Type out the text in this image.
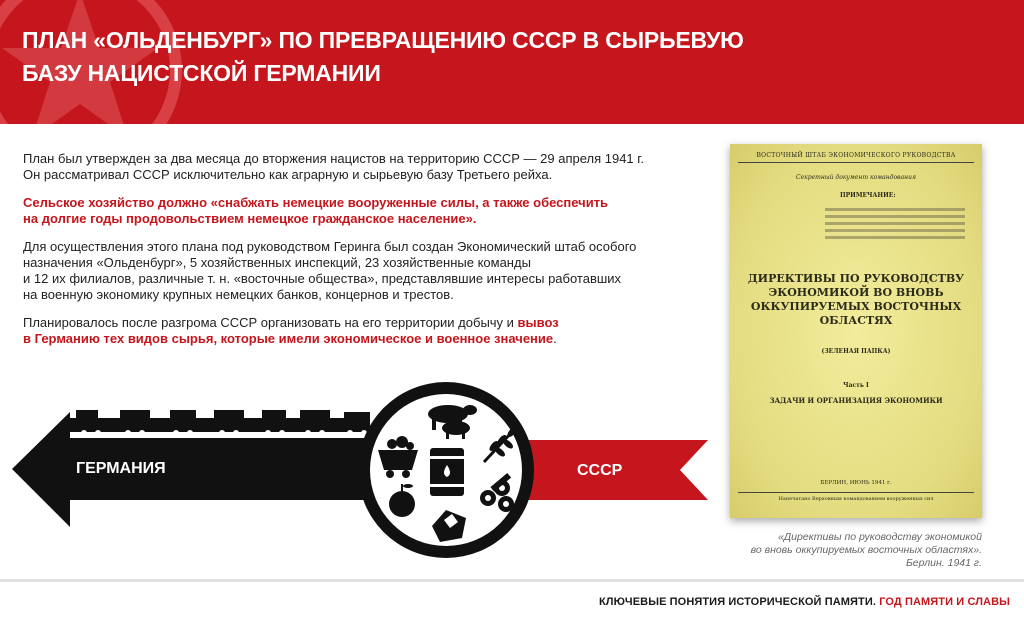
ПЛАН «ОЛЬДЕНБУРГ» ПО ПРЕВРАЩЕНИЮ СССР В СЫРЬЕВУЮ
БАЗУ НАЦИСТСКОЙ ГЕРМАНИИ

План был утвержден за два месяца до вторжения нацистов на территорию СССР — 29 апреля 1941 г.
Он рассматривал СССР исключительно как аграрную и сырьевую базу Третьего рейха.

Сельское хозяйство должно «снабжать немецкие вооруженные силы, а также обеспечить
на долгие годы продовольствием немецкое гражданское население».

Для осуществления этого плана под руководством Геринга был создан Экономический штаб особого
назначения «Ольденбург», 5 хозяйственных инспекций, 23 хозяйственные команды
и 12 их филиалов, различные т. н. «восточные общества», представлявшие интересы работавших
на военную экономику крупных немецких банков, концернов и трестов.

Планировалось после разгрома СССР организовать на его территории добычу и вывоз
в Германию тех видов сырья, которые имели экономическое и военное значение.

ГЕРМАНИЯ	СССР
ВОСТОЧНЫЙ ШТАБ ЭКОНОМИЧЕСКОГО РУКОВОДСТВА
Секретный документ командования
ПРИМЕЧАНИЕ:
ДИРЕКТИВЫ ПО РУКОВОДСТВУ ЭКОНОМИКОЙ ВО ВНОВЬ ОККУПИРУЕМЫХ ВОСТОЧНЫХ ОБЛАСТЯХ
(ЗЕЛЕНАЯ ПАПКА)
Часть I
ЗАДАЧИ И ОРГАНИЗАЦИЯ ЭКОНОМИКИ
БЕРЛИН, ИЮНЬ 1941 г.
Напечатано Верховным командованием вооруженных сил
«Директивы по руководству экономикой
во вновь оккупируемых восточных областях».
Берлин. 1941 г.
КЛЮЧЕВЫЕ ПОНЯТИЯ ИСТОРИЧЕСКОЙ ПАМЯТИ. ГОД ПАМЯТИ И СЛАВЫ
